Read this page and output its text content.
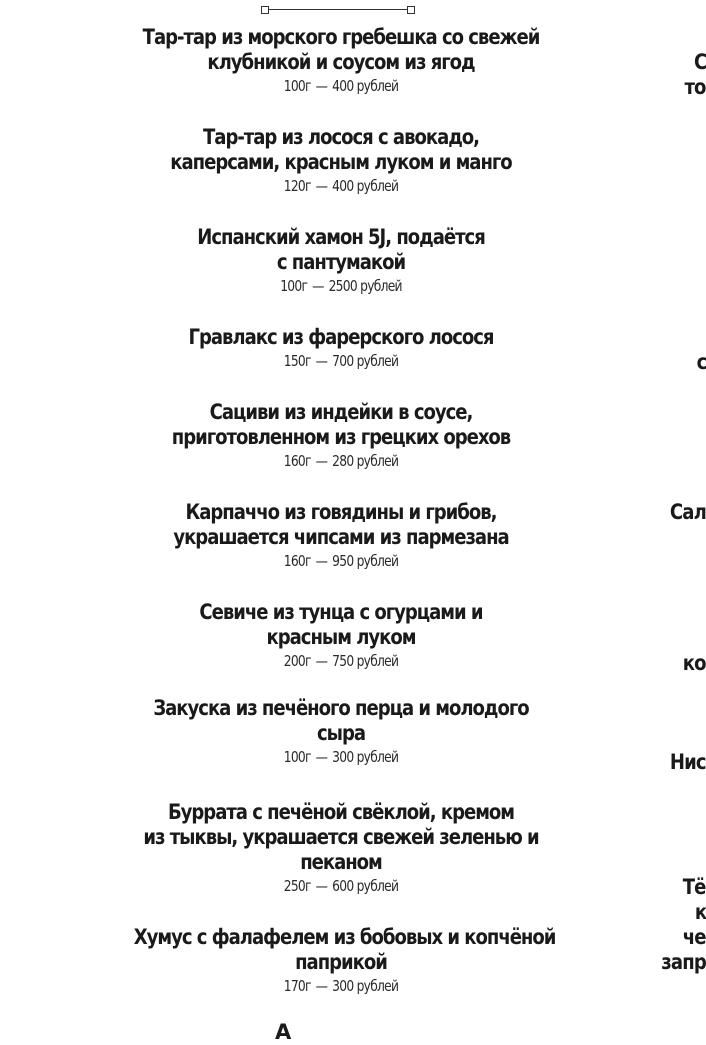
Тар-тар из морского гребешка со свежей
клубникой и соусом из ягод
100г — 400 рублей
Тар-тар из лосося с авокадо,
каперсами, красным луком и манго
120г — 400 рублей
Испанский хамон 5J, подаётся
с пантумакой
100г — 2500 рублей
Гравлакс из фарерского лосося
150г — 700 рублей
Сациви из индейки в соусе,
приготовленном из грецких орехов
160г — 280 рублей
Карпаччо из говядины и грибов,
украшается чипсами из пармезана
160г — 950 рублей
Севиче из тунца с огурцами и
красным луком
200г — 750 рублей
Закуска из печёного перца и молодого
сыра
100г — 300 рублей
Буррата с печёной свёклой, кремом
из тыквы, украшается свежей зеленью и
пеканом
250г — 600 рублей
Хумус с фалафелем из бобовых и копчёной
паприкой
170г — 300 рублей
А
С
то
с
Сал
ко
Нис
Тё
к
че
запр
